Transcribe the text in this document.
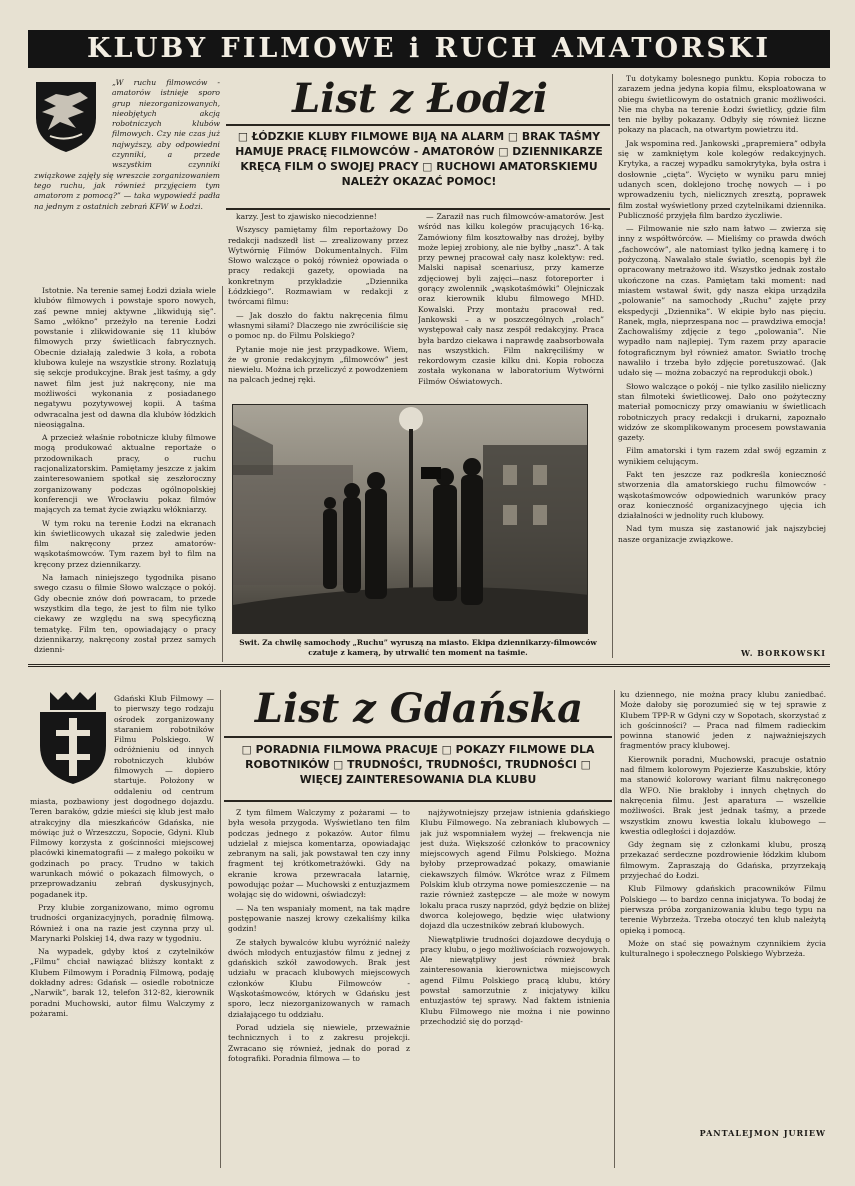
KLUBY FILMOWE i RUCH AMATORSKI
„W ruchu filmowców - amatorów istnieje sporo grup niezorganizowanych, nieobjętych akcją robotniczych klubów filmowych. Czy nie czas już najwyższy, aby odpowiedni czynniki, a przede wszystkim czynniki związkowe zajęły się wreszcie zorganizowaniem tego ruchu, jak również przyjęciem tym amatorom z pomocą?” — taka wypowiedź padła na jednym z ostatnich zebrań KFW w Łodzi.
List z Łodzi
□ ŁÓDZKIE KLUBY FILMOWE BIJĄ NA ALARM □ BRAK TAŚMY HAMUJE PRACĘ FILMOWCÓW - AMATORÓW □ DZIENNIKARZE KRĘCĄ FILM O SWOJEJ PRACY □ RUCHOWI AMATORSKIEMU NALEŻY OKAZAĆ POMOC!

Istotnie. Na terenie samej Łodzi działa wiele klubów filmowych i powstaje sporo nowych, zaś pewne mniej aktywne „likwidują się”. Samo „włókno” przeżyło na terenie Łodzi powstanie i zlikwidowanie się 11 klubów filmowych przy świetlicach fabrycznych. Obecnie działają zaledwie 3 koła, a robota klubowa kuleje na wszystkie strony. Rozlatują się sekcje produkcyjne. Brak jest taśmy, a gdy nawet film jest już nakręcony, nie ma możliwości wykonania z posiadanego negatywu pozytywowej kopii. A taśma odwracalna jest od dawna dla klubów łódzkich nieosiągalna.

A przecież właśnie robotnicze kluby filmowe mogą produkować aktualne reportaże o przodownikach pracy, o ruchu racjonalizatorskim. Pamiętamy jeszcze z jakim zainteresowaniem spotkał się zeszłoroczny zorganizowany podczas ogólnopolskiej konferencji we Wrocławiu pokaz filmów mających za temat życie związku włókniarzy.

W tym roku na terenie Łodzi na ekranach kin świetlicowych ukazał się zaledwie jeden film nakręcony przez amatorów-wąskotaśmowców. Tym razem był to film na kręcony przez dziennikarzy.

Na łamach niniejszego tygodnika pisano swego czasu o filmie Słowo walczące o pokój. Gdy obecnie znów doń powracam, to przede wszystkim dla tego, że jest to film nie tylko ciekawy ze względu na swą specyficzną tematykę. Film ten, opowiadający o pracy dziennikarzy, nakręcony został przez samych dzienni-

karzy. Jest to zjawisko niecodzienne!

Wszyscy pamiętamy film reportażowy Do redakcji nadszedł list — zrealizowany przez Wytwórnię Filmów Dokumentalnych. Film Słowo walczące o pokój również opowiada o pracy redakcji gazety, opowiada na konkretnym przykładzie „Dziennika Łódzkiego”. Rozmawiam w redakcji z twórcami filmu:

— Jak doszło do faktu nakręcenia filmu własnymi siłami? Dlaczego nie zwróciliście się o pomoc np. do Filmu Polskiego?

Pytanie moje nie jest przypadkowe. Wiem, że w gronie redakcyjnym „filmowców” jest niewielu. Można ich przeliczyć z powodzeniem na palcach jednej ręki.

— Zaraził nas ruch filmowców-amatorów. Jest wśród nas kilku kolegów pracujących 16-ką. Zamówiony film kosztowałby nas drożej, byłby może lepiej zrobiony, ale nie byłby „nasz”. A tak przy pewnej pracował cały nasz kolektyw: red. Malski napisał scenariusz, przy kamerze zdjęciowej byli zajęci—nasz fotoreporter i gorący zwolennik „wąskotaśmówki” Olejniczak oraz kierownik klubu filmowego MHD. Kowalski. Przy montażu pracował red. Jankowski – a w poszczególnych „rolach” występował cały nasz zespół redakcyjny. Praca była bardzo ciekawa i naprawdę zaabsorbowała nas wszystkich. Film nakręciliśmy w rekordowym czasie kilku dni. Kopia robocza została wykonana w laboratorium Wytwórni Filmów Oświatowych.

Swit. Za chwilę samochody „Ruchu” wyruszą na miasto. Ekipa dziennikarzy-filmowców czatuje z kamerą, by utrwalić ten moment na taśmie.

Tu dotykamy bolesnego punktu. Kopia robocza to zarazem jedna jedyna kopia filmu, eksploatowana w obiegu świetlicowym do ostatnich granic możliwości. Nie ma chyba na terenie Łodzi świetlicy, gdzie film ten nie byłby pokazany. Odbyły się również liczne pokazy na placach, na otwartym powietrzu itd.

Jak wspomina red. Jankowski „prapremiera” odbyła się w zamkniętym kole kolegów redakcyjnych. Krytyka, a raczej wypadku samokrytyka, była ostra i dosłownie „cięta”. Wycięto w wyniku paru mniej udanych scen, doklejono trochę nowych — i po wprowadzeniu tych, nielicznych zresztą, poprawek film został wyświetlony przed czytelnikami dziennika. Publiczność przyjęła film bardzo życzliwie.

— Filmowanie nie szło nam łatwo — zwierza się inny z współtwórców. — Mieliśmy co prawda dwóch „fachowców”, ale natomiast tylko jedną kamerę i to pożyczoną. Nawalało stale światło, scenopis był źle opracowany metrażowo itd. Wszystko jednak zostało ukończone na czas. Pamiętam taki moment: nad miastem wstawał świt, gdy nasza ekipa urządziła „polowanie” na samochody „Ruchu” zajęte przy ekspedycji „Dziennika”. W ekipie było nas pięciu. Ranek, mgła, nieprzespana noc — prawdziwa emocja! Zachowaliśmy zdjęcie z tego „polowania”. Nie wypadło nam najlepiej. Tym razem przy aparacie fotograficznym był również amator. Swiatło trochę nawaliło i trzeba było zdjęcie poretuszować. (Jak udało się — można zobaczyć na reprodukcji obok.)

Słowo walczące o pokój – nie tylko zasiliło nieliczny stan filmoteki świetlicowej. Dało ono pożyteczny materiał pomocniczy przy omawianiu w świetlicach robotniczych pracy redakcji i drukarni, zapoznało widzów ze skomplikowanym procesem powstawania gazety.

Film amatorski i tym razem zdał swój egzamin z wynikiem celującym.

Fakt ten jeszcze raz podkreśla konieczność stworzenia dla amatorskiego ruchu filmowców - wąskotaśmowców odpowiednich warunków pracy oraz konieczność organizacyjnego ujęcia ich działalności w jednolity ruch klubowy.

Nad tym musza się zastanowić jak najszybciej nasze organizacje związkowe.

W. BORKOWSKI

Gdański Klub Filmowy — to pierwszy tego rodzaju ośrodek zorganizowany staraniem robotników Filmu Polskiego. W odróżnieniu od innych robotniczych klubów filmowych — dopiero startuje. Położony w oddaleniu od centrum miasta, pozbawiony jest dogodnego dojazdu. Teren baraków, gdzie mieści się klub jest mało atrakcyjny dla mieszkańców Gdańska, nie mówiąc już o Wrzeszczu, Sopocie, Gdyni. Klub Filmowy korzysta z gościnności miejscowej placówki kinematografii — z małego pokoiku w godzinach po pracy. Trudno w takich warunkach mówić o pokazach filmowych, o przeprowadzaniu zebrań dyskusyjnych, pogadanek itp.

Przy klubie zorganizowano, mimo ogromu trudności organizacyjnych, poradnię filmową. Również i ona na razie jest czynna przy ul. Marynarki Polskiej 14, dwa razy w tygodniu.

Na wypadek, gdyby ktoś z czytelników „Filmu” chciał nawiązać bliższy kontakt z Klubem Filmowym i Poradnią Filmową, podaję dokładny adres: Gdańsk — osiedle robotnicze „Narwik”, barak 12, telefon 312-82, kierownik poradni Muchowski, autor filmu Walczymy z pożarami.

List z Gdańska
□ PORADNIA FILMOWA PRACUJE □ POKAZY FILMOWE DLA ROBOTNIKÓW □ TRUDNOŚCI, TRUDNOŚCI, TRUDNOŚCI □ WIĘCEJ ZAINTERESOWANIA DLA KLUBU

Z tym filmem Walczymy z pożarami — to była wesoła przygoda. Wyświetlano ten film podczas jednego z pokazów. Autor filmu udzielał z miejsca komentarza, opowiadając zebranym na sali, jak powstawał ten czy inny fragment tej krótkometrażówki. Gdy na ekranie krowa przewracała latarnię, powodując pożar — Muchowski z entuzjazmem wołając się do widowni, oświadczył:

— Na ten wspaniały moment, na tak mądre postępowanie naszej krowy czekaliśmy kilka godzin!

Ze stałych bywalców klubu wyróżnić należy dwóch młodych entuzjastów filmu z jednej z gdańskich szkół zawodowych. Brak jest udziału w pracach klubowych miejscowych członków Klubu Filmowców - Wąskotaśmowców, których w Gdańsku jest sporo, lecz niezorganizowanych w ramach działającego tu oddziału.

Porad udziela się niewiele, przeważnie technicznych i to z zakresu projekcji. Zwracano się również, jednak do porad z fotografiki. Poradnia filmowa — to

najżywotniejszy przejaw istnienia gdańskiego Klubu Filmowego. Na zebraniach klubowych — jak już wspomniałem wyżej — frekwencja nie jest duża. Większość członków to pracownicy miejscowych agend Filmu Polskiego. Można byłoby przeprowadzać pokazy, omawianie ciekawszych filmów. Wkrótce wraz z Filmem Polskim klub otrzyma nowe pomieszczenie — na razie również zastępcze — ale może w nowym lokalu praca ruszy naprzód, gdyż będzie on bliżej dworca kolejowego, będzie więc ułatwiony dojazd dla uczestników zebrań klubowych.

Niewątpliwie trudności dojazdowe decydują o pracy klubu, o jego możliwościach rozwojowych. Ale niewątpliwy jest również brak zainteresowania kierownictwa miejscowych agend Filmu Polskiego pracą klubu, który powstał samorzutnie z inicjatywy kilku entuzjastów tej sprawy. Nad faktem istnienia Klubu Filmowego nie można i nie powinno przechodzić się do porząd-

ku dziennego, nie można pracy klubu zaniedbać. Może dałoby się porozumieć się w tej sprawie z Klubem TPP-R w Gdyni czy w Sopotach, skorzystać z ich gościnności? — Praca nad filmem radieckim powinna stanowić jeden z najważniejszych fragmentów pracy klubowej.

Kierownik poradni, Muchowski, pracuje ostatnio nad filmem kolorowym Pojezierze Kaszubskie, który ma stanowić kolorowy wariant filmu nakręconego dla WFO. Nie brakłoby i innych chętnych do nakręcenia filmu. Jest aparatura — wszelkie możliwości. Brak jest jednak taśmy, a przede wszystkim znowu kwestia lokalu klubowego — kwestia odległości i dojazdów.

Gdy żegnam się z członkami klubu, proszą przekazać serdeczne pozdrowienie łódzkim klubom filmowym. Zapraszają do Gdańska, przyrzekają przyjechać do Łodzi.

Klub Filmowy gdańskich pracowników Filmu Polskiego — to bardzo cenna inicjatywa. To bodaj że pierwsza próba zorganizowania klubu tego typu na terenie Wybrzeża. Trzeba otoczyć ten klub należytą opieką i pomocą.

Może on stać się poważnym czynnikiem życia kulturalnego i społecznego Polskiego Wybrzeża.

PANTALEJMON JURIEW
